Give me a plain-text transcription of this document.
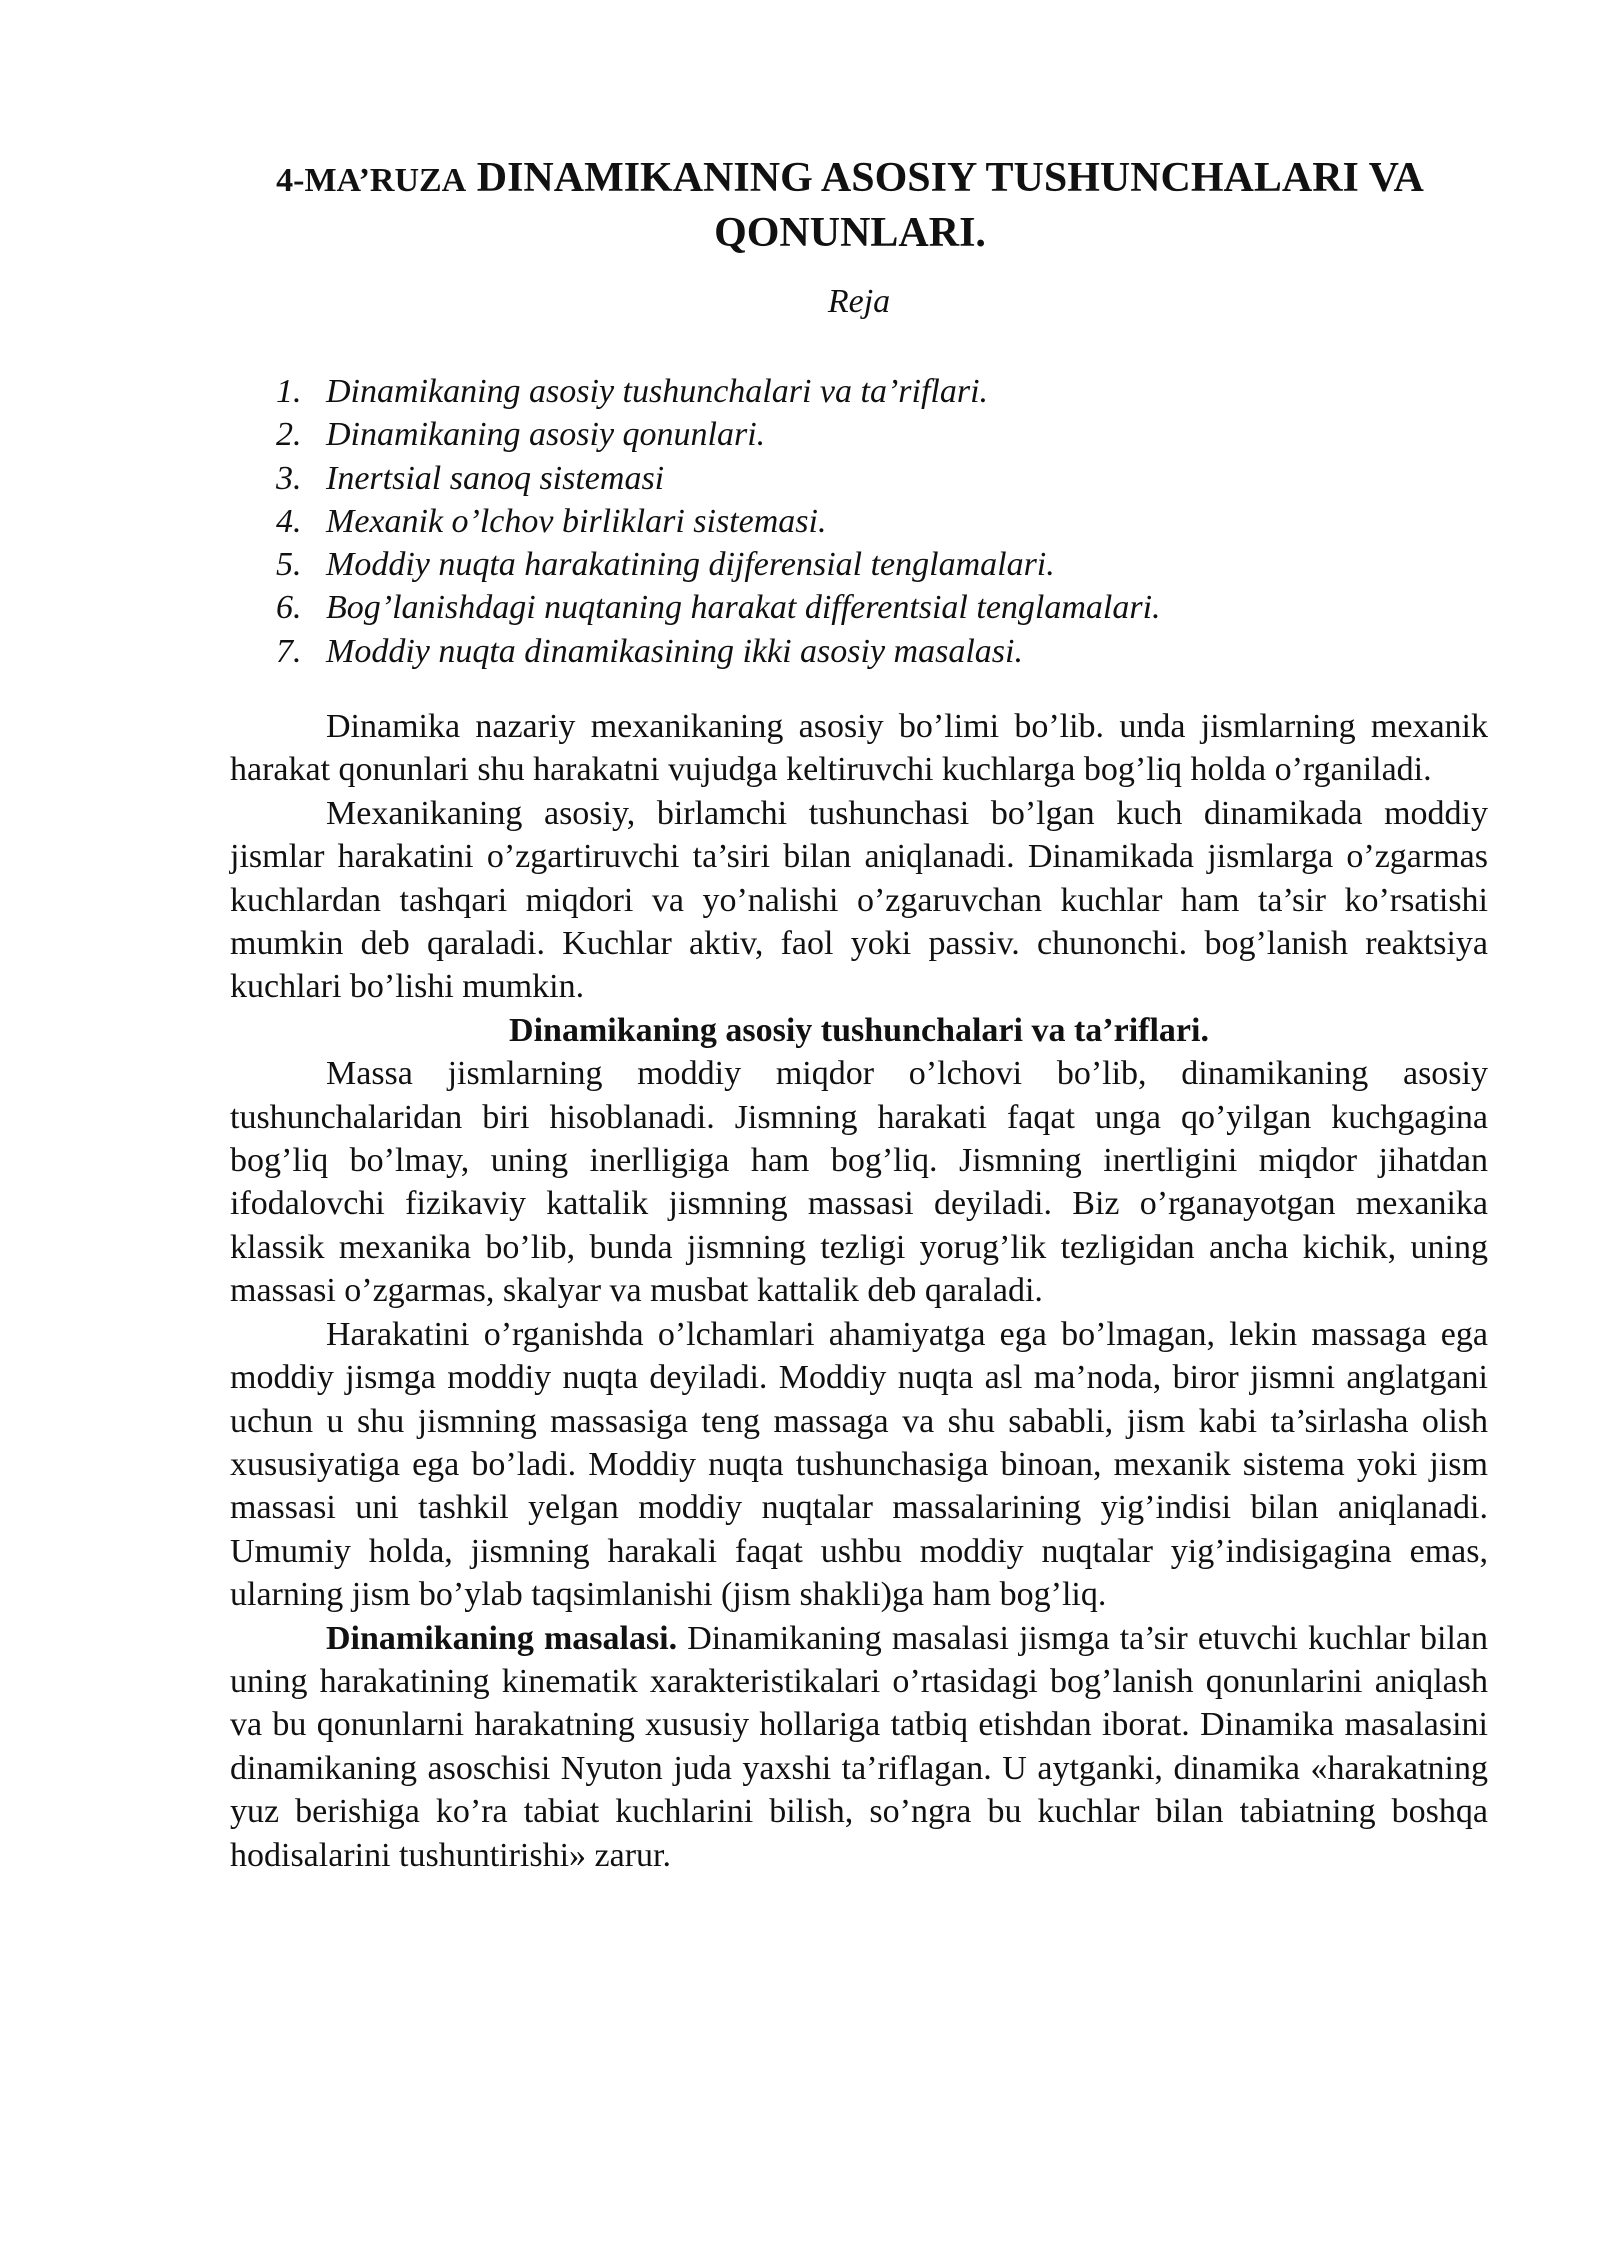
4-MA’RUZA DINAMIKANING ASOSIY TUSHUNCHALARI VA
QONUNLARI.
Reja
1. Dinamikaning asosiy tushunchalari va ta’riflari.
2. Dinamikaning asosiy qonunlari.
3. Inertsial sanoq sistemasi
4. Mexanik o’lchov birliklari sistemasi.
5. Moddiy nuqta harakatining dijferensial tenglamalari.
6. Bog’lanishdagi nuqtaning harakat differentsial tenglamalari.
7. Moddiy nuqta dinamikasining ikki asosiy masalasi.

Dinamika nazariy mexanikaning asosiy bo’limi bo’lib. unda jismlarning mexanik harakat qonunlari shu harakatni vujudga keltiruvchi kuchlarga bog’liq holda o’rganiladi.

Mexanikaning asosiy, birlamchi tushunchasi bo’lgan kuch dinamikada moddiy jismlar harakatini o’zgartiruvchi ta’siri bilan aniqlanadi. Dinamikada jismlarga o’zgarmas kuchlardan tashqari miqdori va yo’nalishi o’zgaruvchan kuchlar ham ta’sir ko’rsatishi mumkin deb qaraladi. Kuchlar aktiv, faol yoki passiv. chunonchi. bog’lanish reaktsiya kuchlari bo’lishi mumkin.

Dinamikaning asosiy tushunchalari va ta’riflari.

Massa jismlarning moddiy miqdor o’lchovi bo’lib, dinamikaning asosiy tushunchalaridan biri hisoblanadi. Jismning harakati faqat unga qo’yilgan kuchgagina bog’liq bo’lmay, uning inerlligiga ham bog’liq. Jismning inertligini miqdor jihatdan ifodalovchi fizikaviy kattalik jismning massasi deyiladi. Biz o’rganayotgan mexanika klassik mexanika bo’lib, bunda jismning tezligi yorug’lik tezligidan ancha kichik, uning massasi o’zgarmas, skalyar va musbat kattalik deb qaraladi.

Harakatini o’rganishda o’lchamlari ahamiyatga ega bo’lmagan, lekin massaga ega moddiy jismga moddiy nuqta deyiladi. Moddiy nuqta asl ma’noda, biror jismni anglatgani uchun u shu jismning massasiga teng massaga va shu sababli, jism kabi ta’sirlasha olish xususiyatiga ega bo’ladi. Moddiy nuqta tushunchasiga binoan, mexanik sistema yoki jism massasi uni tashkil yelgan moddiy nuqtalar massalarining yig’indisi bilan aniqlanadi. Umumiy holda, jismning harakali faqat ushbu moddiy nuqtalar yig’indisigagina emas, ularning jism bo’ylab taqsimlanishi (jism shakli)ga ham bog’liq.

Dinamikaning masalasi. Dinamikaning masalasi jismga ta’sir etuvchi kuchlar bilan uning harakatining kinematik xarakteristikalari o’rtasidagi bog’lanish qonunlarini aniqlash va bu qonunlarni harakatning xususiy hollariga tatbiq etishdan iborat. Dinamika masalasini dinamikaning asoschisi Nyuton juda yaxshi ta’riflagan. U aytganki, dinamika «harakatning yuz berishiga ko’ra tabiat kuchlarini bilish, so’ngra bu kuchlar bilan tabiatning boshqa hodisalarini tushuntirishi» zarur.
